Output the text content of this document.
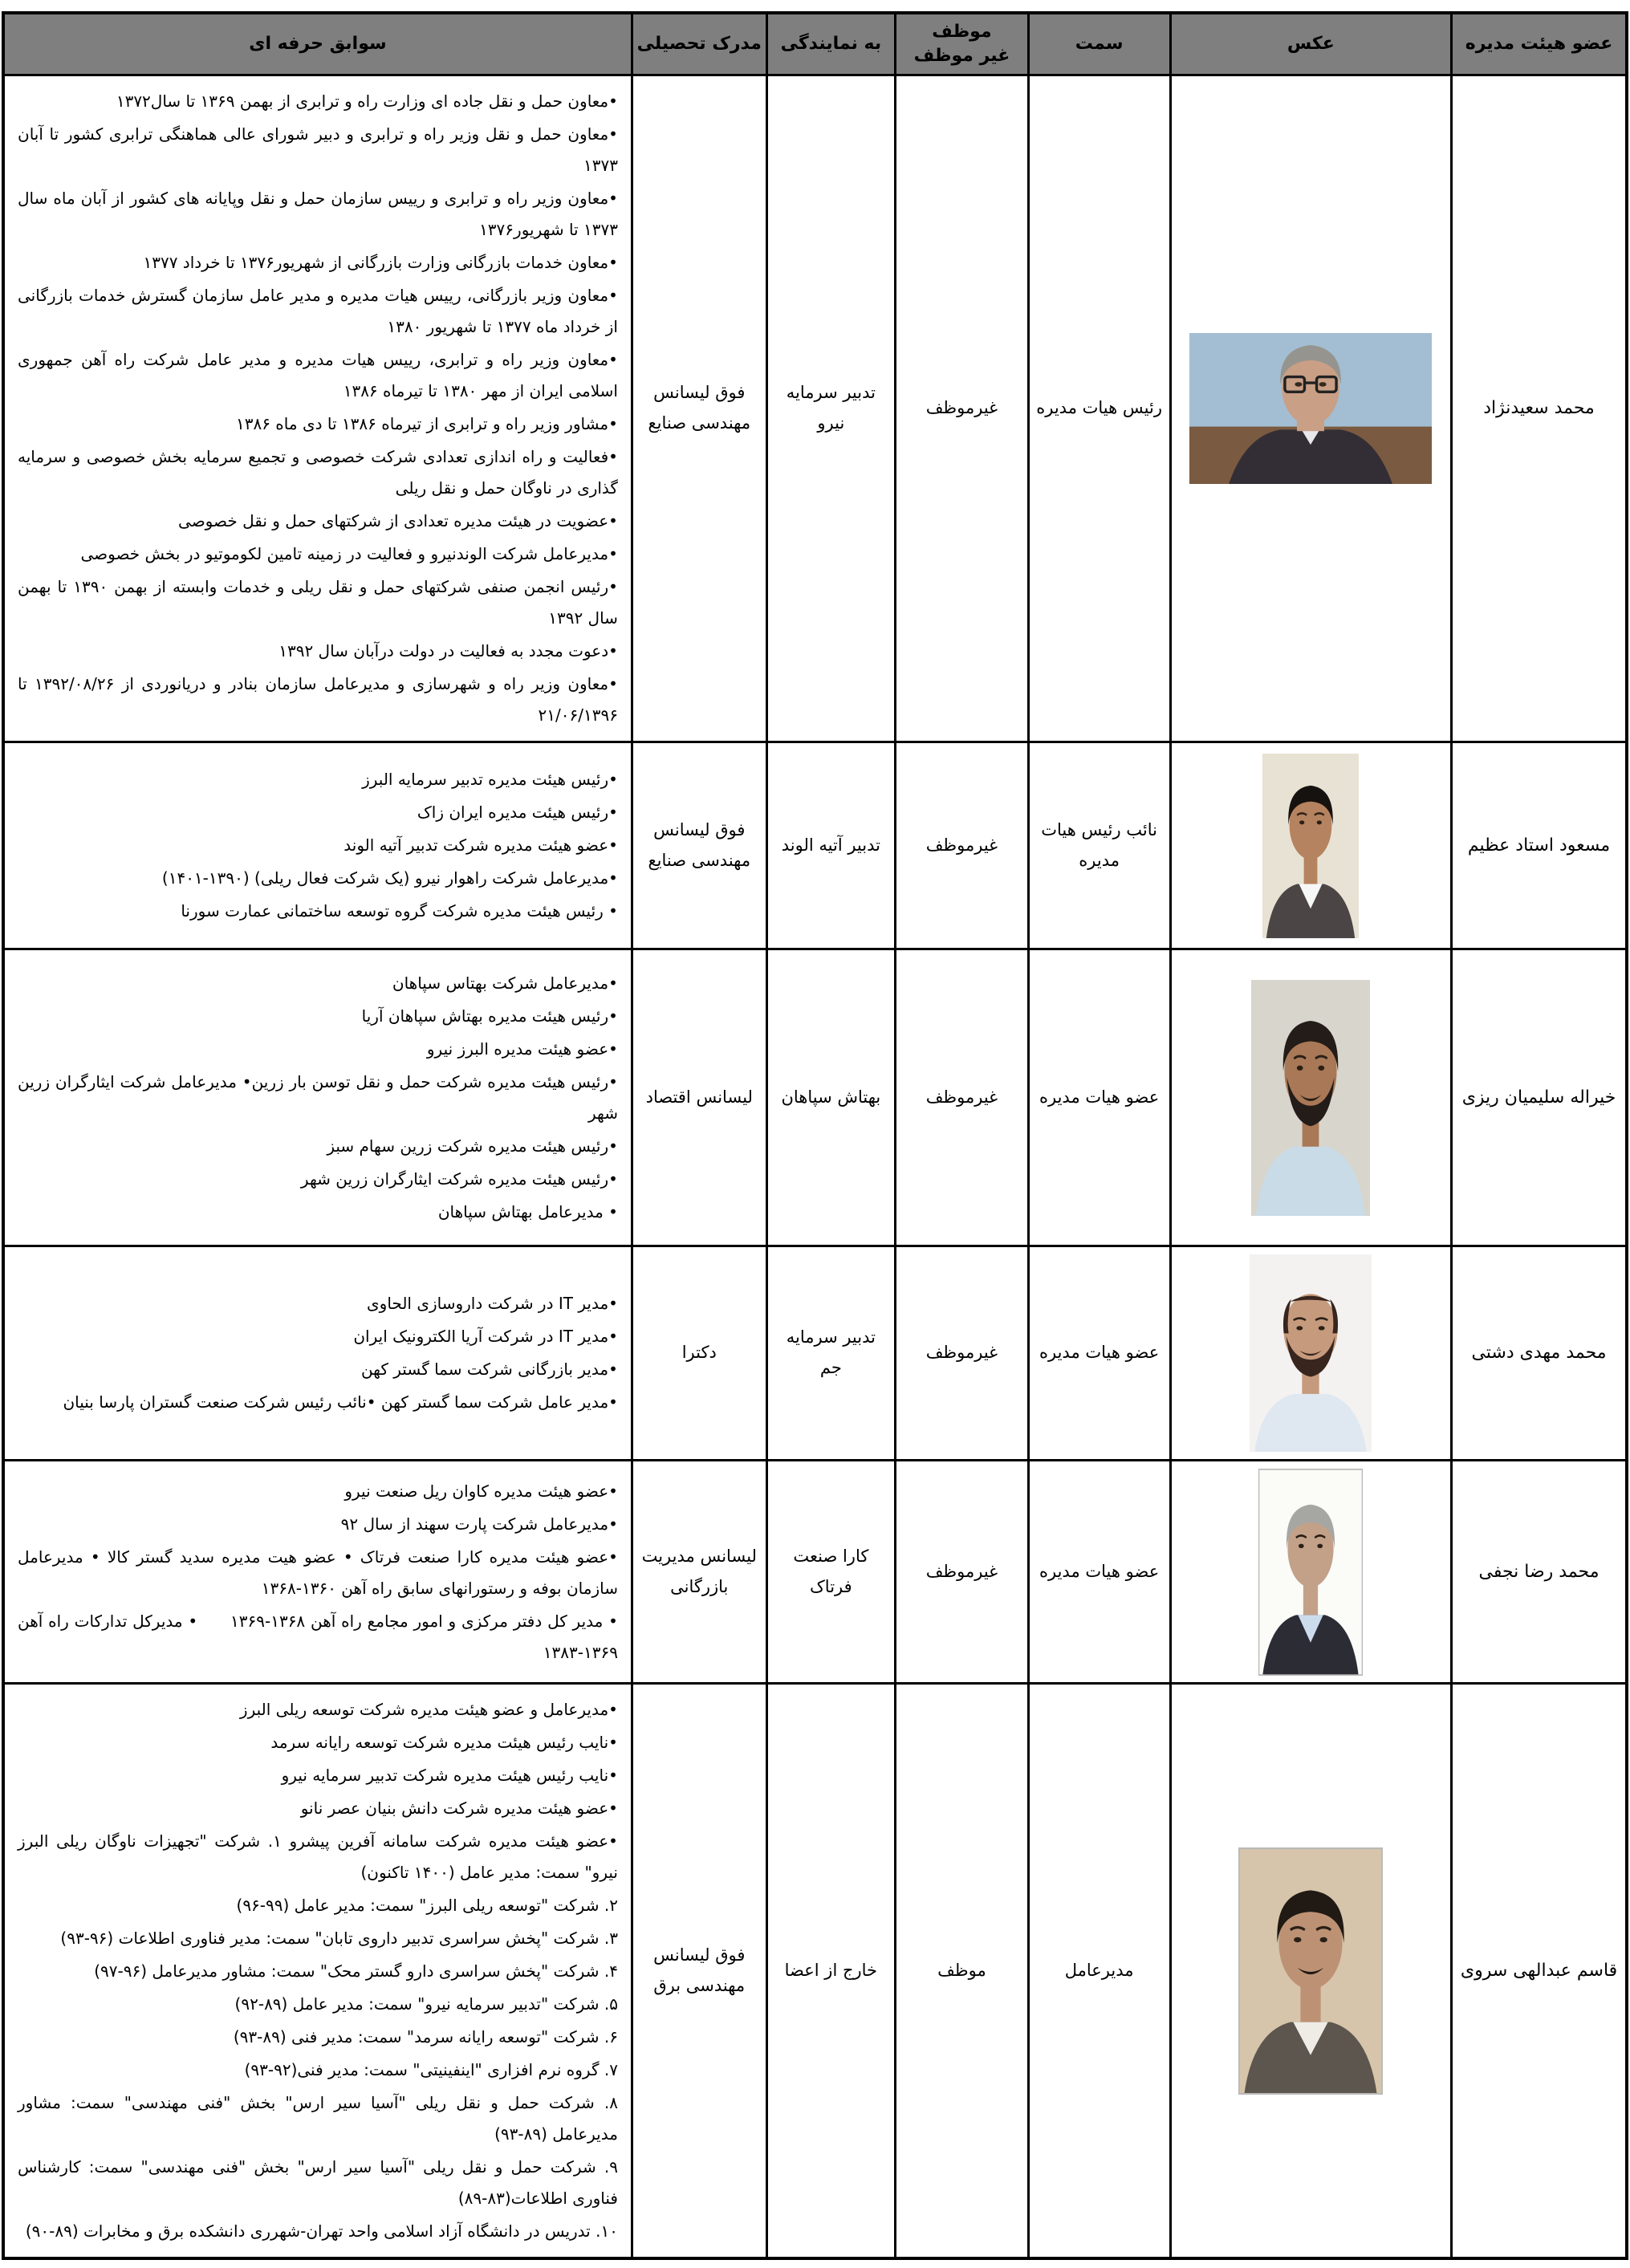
عضو هیئت مدیره	عکس	سمت	موظف
غیر موظف	به نمایندگی	مدرک تحصیلی	سوابق حرفه ای
محمد سعیدنژاد	
	رئیس هیات مدیره	غیرموظف	تدبیر سرمایه نیرو	فوق لیسانس مهندسی صنایع	
•معاون حمل و نقل جاده ای وزارت راه و ترابری از بهمن ۱۳۶۹ تا سال۱۳۷۲
•معاون حمل و نقل وزیر راه و ترابری و دبیر شورای عالی هماهنگی ترابری کشور تا آبان ۱۳۷۳
•معاون وزیر راه و ترابری و رییس سازمان حمل و نقل وپایانه های کشور از آبان ماه سال ۱۳۷۳ تا شهریور۱۳۷۶
•معاون خدمات بازرگانی وزارت بازرگانی از شهریور۱۳۷۶ تا خرداد ۱۳۷۷
•معاون وزیر بازرگانی، رییس هیات مدیره و مدیر عامل سازمان گسترش خدمات بازرگانی از خرداد ماه ۱۳۷۷ تا شهریور ۱۳۸۰
•معاون وزیر راه و ترابری، رییس هیات مدیره و مدیر عامل شرکت راه آهن جمهوری اسلامی ایران از مهر ۱۳۸۰ تا تیرماه ۱۳۸۶
•مشاور وزیر راه و ترابری از تیرماه ۱۳۸۶ تا دی ماه ۱۳۸۶
•فعالیت و راه اندازی تعدادی شرکت خصوصی و تجمیع سرمایه بخش خصوصی و سرمایه گذاری در ناوگان حمل و نقل ریلی
•عضویت در هیئت مدیره تعدادی از شرکتهای حمل و نقل خصوصی
•مدیرعامل شرکت الوندنیرو و فعالیت در زمینه تامین لکوموتیو در بخش خصوصی
•رئیس انجمن صنفی شرکتهای حمل و نقل ریلی و خدمات وابسته از بهمن ۱۳۹۰ تا بهمن سال ۱۳۹۲
•دعوت مجدد به فعالیت در دولت درآبان سال ۱۳۹۲
•معاون وزیر راه و شهرسازی و مدیرعامل سازمان بنادر و دریانوردی از ۱۳۹۲/۰۸/۲۶ تا ۲۱/۰۶/۱۳۹۶

مسعود استاد عظیم		نائب رئیس هیات مدیره	غیرموظف	تدبیر آتیه الوند	فوق لیسانس مهندسی صنایع	•رئیس هیئت مدیره تدبیر سرمایه البرز
•رئیس هیئت مدیره ایران زاک
•عضو هیئت مدیره شرکت تدبیر آتیه الوند
•مدیرعامل شرکت راهوار نیرو (یک شرکت فعال ریلی) (۱۳۹۰-۱۴۰۱)
• رئیس هیئت مدیره شرکت گروه توسعه ساختمانی عمارت سورنا

خیراله سلیمیان ریزی	
	عضو هیات مدیره	غیرموظف	بهتاش سپاهان	لیسانس اقتصاد	
•مدیرعامل شرکت بهتاس سپاهان
•رئیس هیئت مدیره بهتاش سپاهان آریا
•عضو هیئت مدیره البرز نیرو
•رئیس هیئت مدیره شرکت حمل و نقل توسن بار زرین• مدیرعامل شرکت ایثارگران زرین شهر
•رئیس هیئت مدیره شرکت زرین سهام سبز
•رئیس هیئت مدیره شرکت ایثارگران زرین شهر
• مدیرعامل بهتاش سپاهان

محمد مهدی دشتی		عضو هیات مدیره	غیرموظف	تدبیر سرمایه جم	دکترا	•مدیر IT در شرکت داروسازی الحاوی
•مدیر IT در شرکت آریا الکترونیک ایران
•مدیر بازرگانی شرکت سما گستر کهن
•مدیر عامل شرکت سما گستر کهن •نائب رئیس شرکت صنعت گستران پارسا بنیان

محمد رضا نجفی		عضو هیات مدیره	غیرموظف	کارا صنعت فرتاک	لیسانس مدیریت بازرگانی	•عضو هیئت مدیره کاوان ریل صنعت نیرو
•مدیرعامل شرکت پارت سهند از سال ۹۲
•عضو هیئت مدیره کارا صنعت فرتاک • عضو هیت مدیره سدید گستر کالا • مدیرعامل سازمان بوفه و رستورانهای سابق راه آهن ۱۳۶۰-۱۳۶۸
• مدیر کل دفتر مرکزی و امور مجامع راه آهن ۱۳۶۸-۱۳۶۹      • مدیرکل تدارکات راه آهن ۱۳۶۹-۱۳۸۳

قاسم عبدالهی سروی	
	مدیرعامل	موظف	خارج از اعضا	فوق لیسانس مهندسی برق	
•مدیرعامل و عضو هیئت مدیره شرکت توسعه ریلی البرز
•نایب رئیس هیئت مدیره شرکت توسعه رایانه سرمد
•نایب رئیس هیئت مدیره شرکت تدبیر سرمایه نیرو
•عضو هیئت مدیره شرکت دانش بنیان عصر نانو
•عضو هیئت مدیره شرکت سامانه آفرین پیشرو ۱. شرکت "تجهیزات ناوگان ریلی البرز نیرو" سمت: مدیر عامل (۱۴۰۰ تاکنون)
۲. شرکت "توسعه ریلی البرز" سمت: مدیر عامل (۹۹-۹۶)
۳. شرکت "پخش سراسری تدبیر داروی تابان" سمت: مدیر فناوری اطلاعات (۹۶-۹۳)
۴. شرکت "پخش سراسری دارو گستر محک" سمت: مشاور مدیرعامل (۹۶-۹۷)
۵. شرکت "تدبیر سرمایه نیرو" سمت: مدیر عامل (۸۹-۹۲)
۶. شرکت "توسعه رایانه سرمد" سمت: مدیر فنی (۸۹-۹۳)
۷. گروه نرم افزاری "اینفینیتی" سمت: مدیر فنی(۹۲-۹۳)
۸. شرکت حمل و نقل ریلی "آسیا سیر ارس" بخش "فنی مهندسی" سمت: مشاور مدیرعامل (۸۹-۹۳)
۹. شرکت حمل و نقل ریلی "آسیا سیر ارس" بخش "فنی مهندسی" سمت: کارشناس فناوری اطلاعات(۸۳-۸۹)
۱۰. تدریس در دانشگاه آزاد اسلامی واحد تهران-شهرری دانشکده برق و مخابرات (۸۹-۹۰)
